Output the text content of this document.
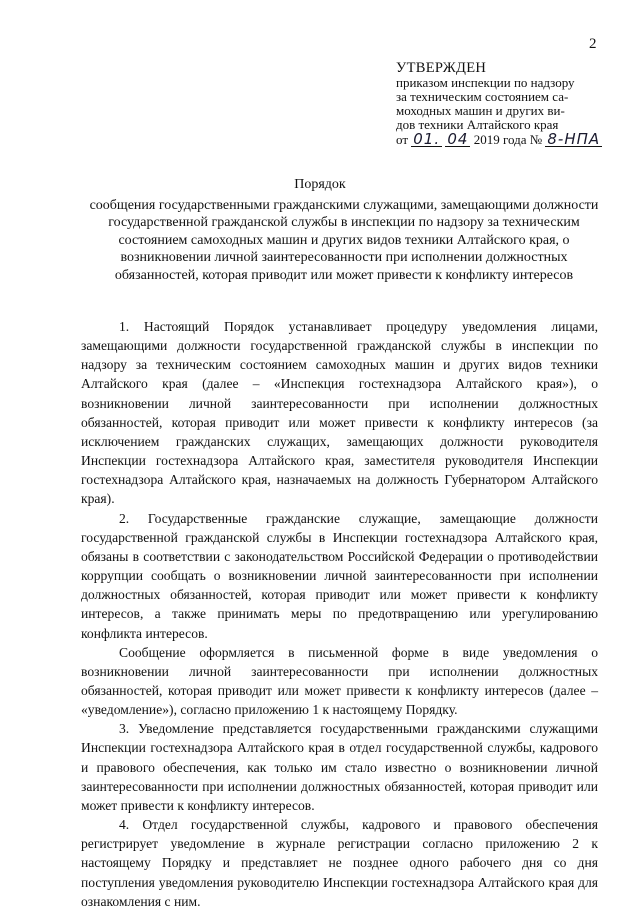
2
УТВЕРЖДЕН
приказом инспекции по надзору
за техническим состоянием са-
моходных машин и других ви-
дов техники Алтайского края
от 01. 04 2019 года № 8-НПА
Порядок
сообщения государственными гражданскими служащими, замещающими должности государственной гражданской службы в инспекции по надзору за техническим состоянием самоходных машин и других видов техники Алтайского края, о возникновении личной заинтересованности при исполнении должностных обязанностей, которая приводит или может привести к конфликту интересов

1. Настоящий Порядок устанавливает процедуру уведомления лицами, замещающими должности государственной гражданской службы в инспекции по надзору за техническим состоянием самоходных машин и других видов техники Алтайского края (далее – «Инспекция гостехнадзора Алтайского края»), о возникновении личной заинтересованности при исполнении должностных обязанностей, которая приводит или может привести к конфликту интересов (за исключением гражданских служащих, замещающих должности руководителя Инспекции гостехнадзора Алтайского края, заместителя руководителя Инспекции гостехнадзора Алтайского края, назначаемых на должность Губернатором Алтайского края).

2. Государственные гражданские служащие, замещающие должности государственной гражданской службы в Инспекции гостехнадзора Алтайского края, обязаны в соответствии с законодательством Российской Федерации о противодействии коррупции сообщать о возникновении личной заинтересованности при исполнении должностных обязанностей, которая приводит или может привести к конфликту интересов, а также принимать меры по предотвращению или урегулированию конфликта интересов.

Сообщение оформляется в письменной форме в виде уведомления о возникновении личной заинтересованности при исполнении должностных обязанностей, которая приводит или может привести к конфликту интересов (далее – «уведомление»), согласно приложению 1 к настоящему Порядку.

3. Уведомление представляется государственными гражданскими служащими Инспекции гостехнадзора Алтайского края в отдел государственной службы, кадрового и правового обеспечения, как только им стало известно о возникновении личной заинтересованности при исполнении должностных обязанностей, которая приводит или может привести к конфликту интересов.

4. Отдел государственной службы, кадрового и правового обеспечения регистрирует уведомление в журнале регистрации согласно приложению 2 к настоящему Порядку и представляет не позднее одного рабочего дня со дня поступления уведомления руководителю Инспекции гостехнадзора Алтайского края для ознакомления с ним.
